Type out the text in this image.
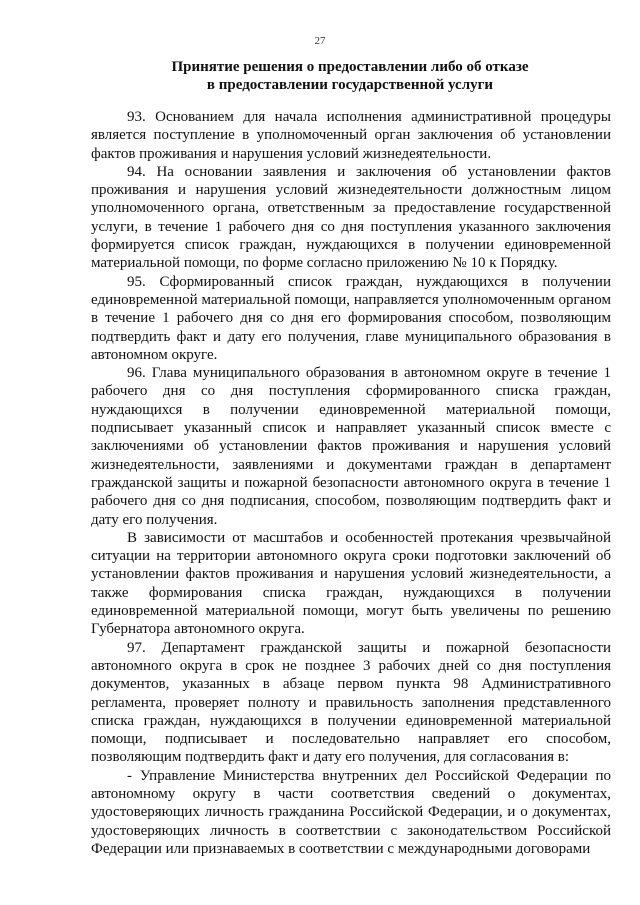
27
Принятие решения о предоставлении либо об отказе
в предоставлении государственной услуги

93. Основанием для начала исполнения административной процедуры является поступление в уполномоченный орган заключения об установлении фактов проживания и нарушения условий жизнедеятельности.

94. На основании заявления и заключения об установлении фактов проживания и нарушения условий жизнедеятельности должностным лицом уполномоченного органа, ответственным за предоставление государственной услуги, в течение 1 рабочего дня со дня поступления указанного заключения формируется список граждан, нуждающихся в получении единовременной материальной помощи, по форме согласно приложению № 10 к Порядку.

95. Сформированный список граждан, нуждающихся в получении единовременной материальной помощи, направляется уполномоченным органом в течение 1 рабочего дня со дня его формирования способом, позволяющим подтвердить факт и дату его получения, главе муниципального образования в автономном округе.

96. Глава муниципального образования в автономном округе в течение 1 рабочего дня со дня поступления сформированного списка граждан, нуждающихся в получении единовременной материальной помощи, подписывает указанный список и направляет указанный список вместе с заключениями об установлении фактов проживания и нарушения условий жизнедеятельности, заявлениями и документами граждан в департамент гражданской защиты и пожарной безопасности автономного округа в течение 1 рабочего дня со дня подписания, способом, позволяющим подтвердить факт и дату его получения.

В зависимости от масштабов и особенностей протекания чрезвычайной ситуации на территории автономного округа сроки подготовки заключений об установлении фактов проживания и нарушения условий жизнедеятельности, а также формирования списка граждан, нуждающихся в получении единовременной материальной помощи, могут быть увеличены по решению Губернатора автономного округа.

97. Департамент гражданской защиты и пожарной безопасности автономного округа в срок не позднее 3 рабочих дней со дня поступления документов, указанных в абзаце первом пункта 98 Административного регламента, проверяет полноту и правильность заполнения представленного списка граждан, нуждающихся в получении единовременной материальной помощи, подписывает и последовательно направляет его способом, позволяющим подтвердить факт и дату его получения, для согласования в:

- Управление Министерства внутренних дел Российской Федерации по автономному округу в части соответствия сведений о документах, удостоверяющих личность гражданина Российской Федерации, и о документах, удостоверяющих личность в соответствии с законодательством Российской Федерации или признаваемых в соответствии с международными договорами
